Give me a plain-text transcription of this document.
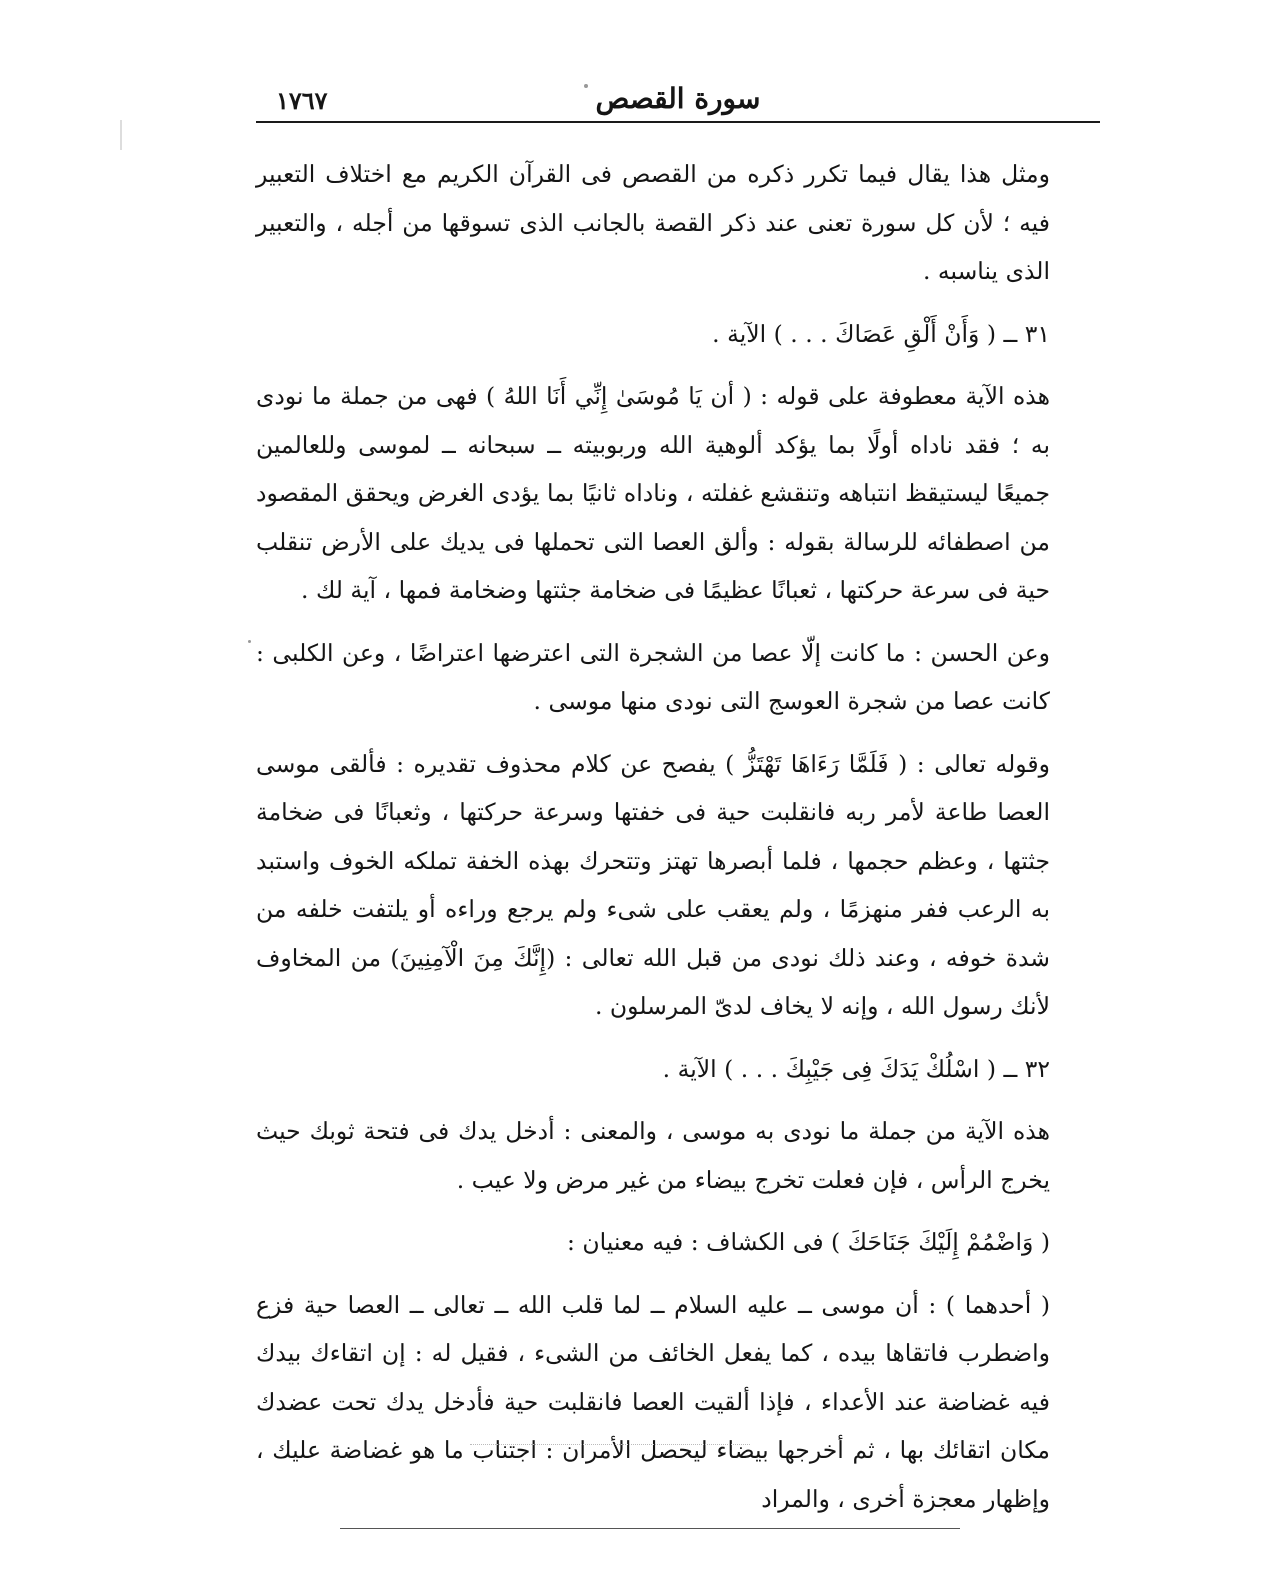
١٧٦٧	سورة القصص

ومثل هذا يقال فيما تكرر ذكره من القصص فى القرآن الكريم مع اختلاف التعبير فيه ؛ لأن كل سورة تعنى عند ذكر القصة بالجانب الذى تسوقها من أجله ، والتعبير الذى يناسبه .

٣١ ــ ( وَأَنْ أَلْقِ عَصَاكَ . . . ) الآية .

هذه الآية معطوفة على قوله : ( أن يَا مُوسَىٰ إِنِّي أَنَا اللهُ ) فهى من جملة ما نودى به ؛ فقد ناداه أولًا بما يؤكد ألوهية الله وربوبيته ــ سبحانه ــ لموسى وللعالمين جميعًا ليستيقظ انتباهه وتنقشع غفلته ، وناداه ثانيًا بما يؤدى الغرض ويحقق المقصود من اصطفائه للرسالة بقوله : وألق العصا التى تحملها فى يديك على الأرض تنقلب حية فى سرعة حركتها ، ثعبانًا عظيمًا فى ضخامة جثتها وضخامة فمها ، آية لك .

وعن الحسن : ما كانت إلّا عصا من الشجرة التى اعترضها اعتراضًا ، وعن الكلبى : كانت عصا من شجرة العوسج التى نودى منها موسى .

وقوله تعالى : ( فَلَمَّا رَءَاهَا تَهْتَزُّ ) يفصح عن كلام محذوف تقديره : فألقى موسى العصا طاعة لأمر ربه فانقلبت حية فى خفتها وسرعة حركتها ، وثعبانًا فى ضخامة جثتها ، وعظم حجمها ، فلما أبصرها تهتز وتتحرك بهذه الخفة تملكه الخوف واستبد به الرعب ففر منهزمًا ، ولم يعقب على شىء ولم يرجع وراءه أو يلتفت خلفه من شدة خوفه ، وعند ذلك نودى من قبل الله تعالى : (إِنَّكَ مِنَ الْآمِنِينَ) من المخاوف لأنك رسول الله ، وإنه لا يخاف لدىّ المرسلون .

٣٢ ــ ( اسْلُكْ يَدَكَ فِى جَيْبِكَ . . . ) الآية .

هذه الآية من جملة ما نودى به موسى ، والمعنى : أدخل يدك فى فتحة ثوبك حيث يخرج الرأس ، فإن فعلت تخرج بيضاء من غير مرض ولا عيب .

( وَاضْمُمْ إِلَيْكَ جَنَاحَكَ ) فى الكشاف : فيه معنيان :

( أحدهما ) : أن موسى ــ عليه السلام ــ لما قلب الله ــ تعالى ــ العصا حية فزع واضطرب فاتقاها بيده ، كما يفعل الخائف من الشىء ، فقيل له : إن اتقاءك بيدك فيه غضاضة عند الأعداء ، فإذا ألقيت العصا فانقلبت حية فأدخل يدك تحت عضدك مكان اتقائك بها ، ثم أخرجها بيضاء ليحصل الأمران : اجتناب ما هو غضاضة عليك ، وإظهار معجزة أخرى ، والمراد
